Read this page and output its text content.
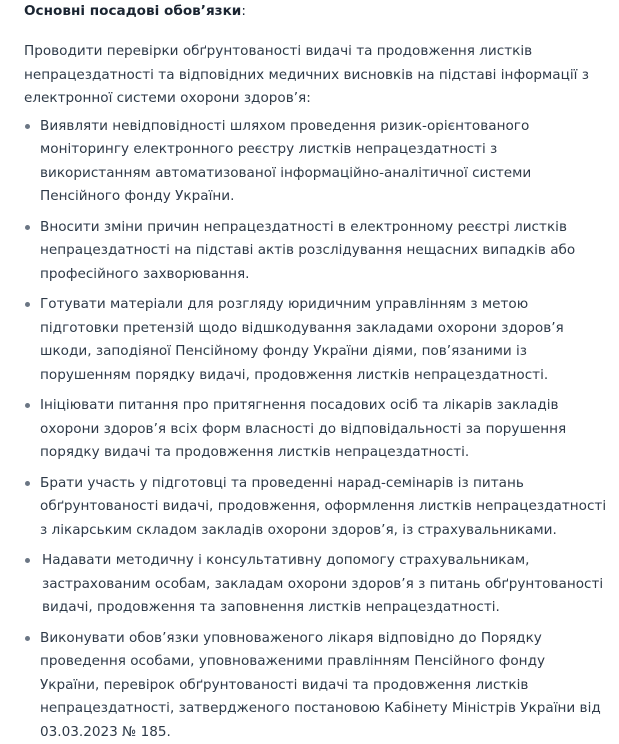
Основні посадові обов’язки:

Проводити перевірки обґрунтованості видачі та продовження листків непрацездатності та відповідних медичних висновків на підставі інформації з електронної системи охорони здоров’я:

Виявляти невідповідності шляхом проведення ризик-орієнтованого моніторингу електронного реєстру листків непрацездатності з використанням автоматизованої інформаційно-аналітичної системи Пенсійного фонду України.
Вносити зміни причин непрацездатності в електронному реєстрі листків непрацездатності на підставі актів розслідування нещасних випадків або професійного захворювання.
Готувати матеріали для розгляду юридичним управлінням з метою підготовки претензій щодо відшкодування закладами охорони здоров’я шкоди, заподіяної Пенсійному фонду України діями, пов’язаними із порушенням порядку видачі, продовження листків непрацездатності.
Ініціювати питання про притягнення посадових осіб та лікарів закладів охорони здоров’я всіх форм власності до відповідальності за порушення порядку видачі та продовження листків непрацездатності.
Брати участь у підготовці та проведенні нарад-семінарів із питань обґрунтованості видачі, продовження, оформлення листків непрацездатності з лікарським складом закладів охорони здоров’я, із страхувальниками.
Надавати методичну і консультативну допомогу страхувальникам, застрахованим особам, закладам охорони здоров’я з питань обґрунтованості видачі, продовження та заповнення листків непрацездатності.
Виконувати обов’язки уповноваженого лікаря відповідно до Порядку проведення особами, уповноваженими правлінням Пенсійного фонду України, перевірок обґрунтованості видачі та продовження листків непрацездатності, затвердженого постановою Кабінету Міністрів України від 03.03.2023 № 185.
